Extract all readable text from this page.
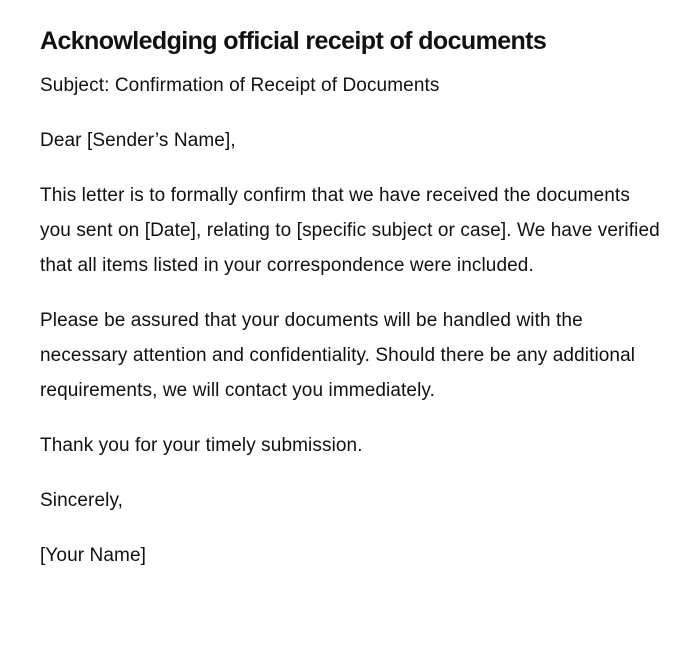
Acknowledging official receipt of documents

Subject: Confirmation of Receipt of Documents

Dear [Sender’s Name],

This letter is to formally confirm that we have received the documents you sent on [Date], relating to [specific subject or case]. We have verified that all items listed in your correspondence were included.

Please be assured that your documents will be handled with the necessary attention and confidentiality. Should there be any additional requirements, we will contact you immediately.

Thank you for your timely submission.

Sincerely,

[Your Name]
